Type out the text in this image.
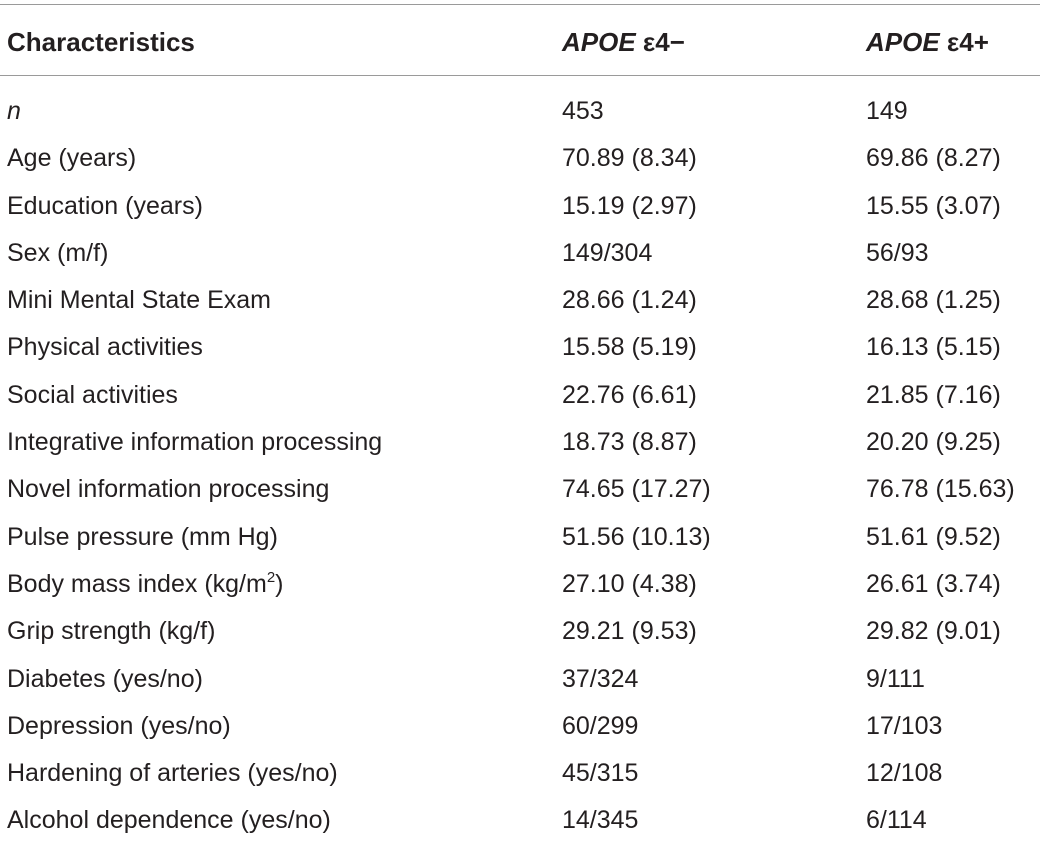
Characteristics	APOE ε4−	APOE ε4+
n	453	149
Age (years)	70.89 (8.34)	69.86 (8.27)
Education (years)	15.19 (2.97)	15.55 (3.07)
Sex (m/f)	149/304	56/93
Mini Mental State Exam	28.66 (1.24)	28.68 (1.25)
Physical activities	15.58 (5.19)	16.13 (5.15)
Social activities	22.76 (6.61)	21.85 (7.16)
Integrative information processing	18.73 (8.87)	20.20 (9.25)
Novel information processing	74.65 (17.27)	76.78 (15.63)
Pulse pressure (mm Hg)	51.56 (10.13)	51.61 (9.52)
Body mass index $(kg/m^2)$	27.10 (4.38)	26.61 (3.74)
Grip strength (kg/f)	29.21 (9.53)	29.82 (9.01)
Diabetes (yes/no)	37/324	9/111
Depression (yes/no)	60/299	17/103
Hardening of arteries (yes/no)	45/315	12/108
Alcohol dependence (yes/no)	14/345	6/114
